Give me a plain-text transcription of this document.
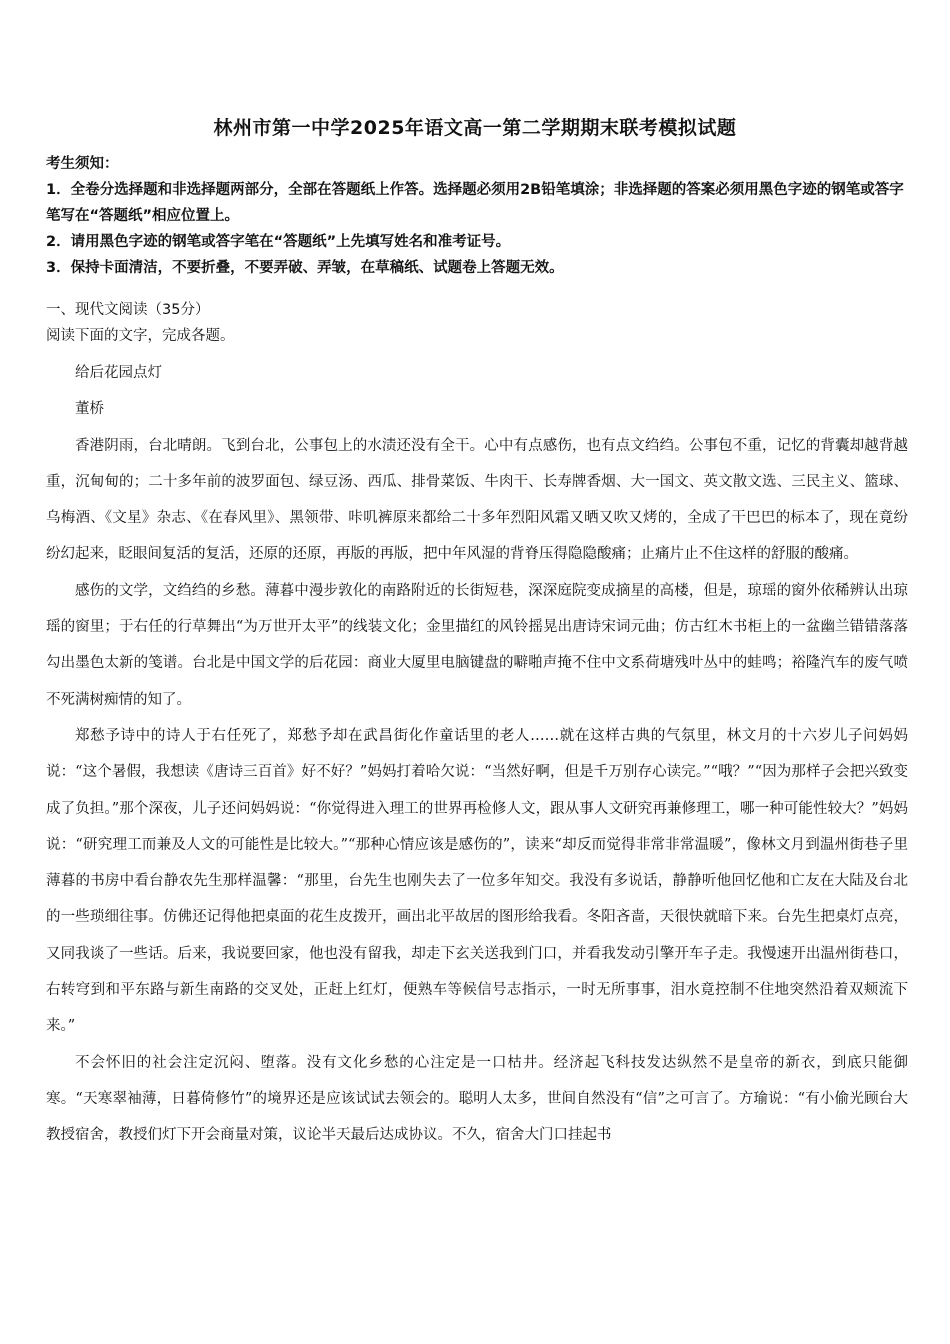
林州市第一中学2025年语文高一第二学期期末联考模拟试题

考生须知：

1．全卷分选择题和非选择题两部分，全部在答题纸上作答。选择题必须用2B铅笔填涂；非选择题的答案必须用黑色字迹的钢笔或答字笔写在“答题纸”相应位置上。

2．请用黑色字迹的钢笔或答字笔在“答题纸”上先填写姓名和准考证号。

3．保持卡面清洁，不要折叠，不要弄破、弄皱，在草稿纸、试题卷上答题无效。

一、现代文阅读（35分）

阅读下面的文字，完成各题。

给后花园点灯

董桥

香港阴雨，台北晴朗。飞到台北，公事包上的水渍还没有全干。心中有点感伤，也有点文绉绉。公事包不重，记忆的背囊却越背越重，沉甸甸的；二十多年前的波罗面包、绿豆汤、西瓜、排骨菜饭、牛肉干、长寿牌香烟、大一国文、英文散文选、三民主义、篮球、乌梅酒、《文星》杂志、《在春风里》、黑领带、咔叽裤原来都给二十多年烈阳风霜又晒又吹又烤的，全成了干巴巴的标本了，现在竟纷纷幻起来，眨眼间复活的复活，还原的还原，再版的再版，把中年风湿的背脊压得隐隐酸痛；止痛片止不住这样的舒服的酸痛。

感伤的文学，文绉绉的乡愁。薄暮中漫步敦化的南路附近的长街短巷，深深庭院变成摘星的高楼，但是，琼瑶的窗外依稀辨认出琼瑶的窗里；于右任的行草舞出“为万世开太平”的线装文化；金里描红的风铃摇晃出唐诗宋词元曲；仿古红木书柜上的一盆幽兰错错落落勾出墨色太新的笺谱。台北是中国文学的后花园：商业大厦里电脑键盘的噼啪声掩不住中文系荷塘残叶丛中的蛙鸣；裕隆汽车的废气喷不死满树痴情的知了。

郑愁予诗中的诗人于右任死了，郑愁予却在武昌街化作童话里的老人……就在这样古典的气氛里，林文月的十六岁儿子问妈妈说：“这个暑假，我想读《唐诗三百首》好不好？”妈妈打着哈欠说：“当然好啊，但是千万别存心读完。”“哦？”“因为那样子会把兴致变成了负担。”那个深夜，儿子还问妈妈说：“你觉得进入理工的世界再检修人文，跟从事人文研究再兼修理工，哪一种可能性较大？”妈妈说：“研究理工而兼及人文的可能性是比较大。”“那种心情应该是感伤的”，读来“却反而觉得非常非常温暖”，像林文月到温州街巷子里薄暮的书房中看台静农先生那样温馨：“那里，台先生也刚失去了一位多年知交。我没有多说话，静静听他回忆他和亡友在大陆及台北的一些琐细往事。仿佛还记得他把桌面的花生皮拨开，画出北平故居的图形给我看。冬阳吝啬，天很快就暗下来。台先生把桌灯点亮，又同我谈了一些话。后来，我说要回家，他也没有留我，却走下玄关送我到门口，并看我发动引擎开车子走。我慢速开出温州街巷口，右转穹到和平东路与新生南路的交叉处，正赶上红灯，便熟车等候信号志指示，一时无所事事，泪水竟控制不住地突然沿着双颊流下来。”

不会怀旧的社会注定沉闷、堕落。没有文化乡愁的心注定是一口枯井。经济起飞科技发达纵然不是皇帝的新衣，到底只能御寒。“天寒翠袖薄，日暮倚修竹”的境界还是应该试试去领会的。聪明人太多，世间自然没有“信”之可言了。方瑜说：“有小偷光顾台大教授宿舍，教授们灯下开会商量对策，议论半天最后达成协议。不久，宿舍大门口挂起书
